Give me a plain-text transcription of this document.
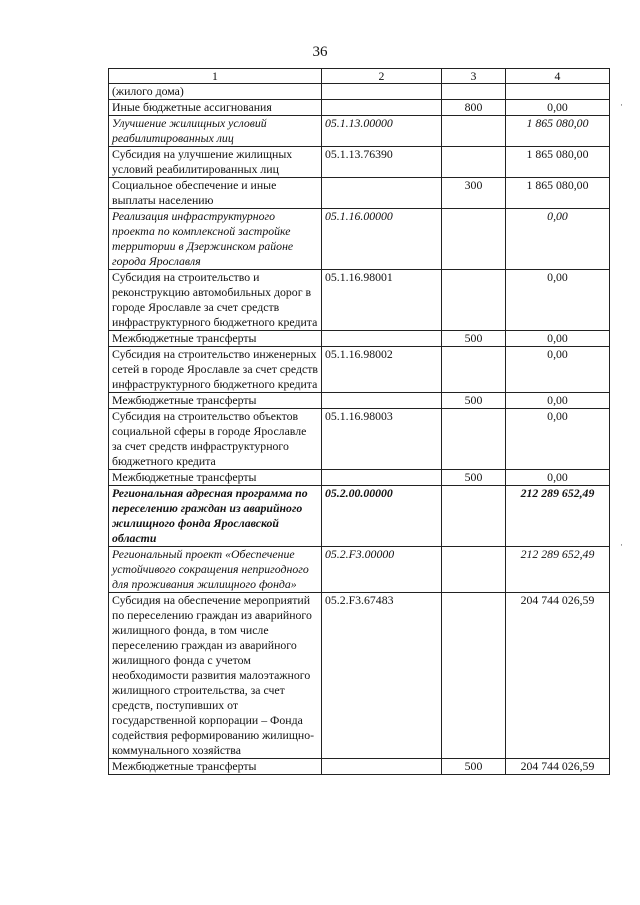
36
1	2	3	4
(жилого дома)			
Иные бюджетные ассигнования		800	0,00
Улучшение жилищных условий реабилитированных лиц	05.1.13.00000		1 865 080,00
Субсидия на улучшение жилищных условий реабилитированных лиц	05.1.13.76390		1 865 080,00
Социальное обеспечение и иные выплаты населению		300	1 865 080,00
Реализация инфраструктурного проекта по комплексной застройке территории в Дзержинском районе города Ярославля	05.1.16.00000		0,00
Субсидия на строительство и реконструкцию автомобильных дорог в городе Ярославле за счет средств инфраструктурного бюджетного кредита	05.1.16.98001		0,00
Межбюджетные трансферты		500	0,00
Субсидия на строительство инженерных сетей в городе Ярославле за счет средств инфраструктурного бюджетного кредита	05.1.16.98002		0,00
Межбюджетные трансферты		500	0,00
Субсидия на строительство объектов социальной сферы в городе Ярославле за счет средств инфраструктурного бюджетного кредита	05.1.16.98003		0,00
Межбюджетные трансферты		500	0,00
Региональная адресная программа по переселению граждан из аварийного жилищного фонда Ярославской области	05.2.00.00000		212 289 652,49
Региональный проект «Обеспечение устойчивого сокращения непригодного для проживания жилищного фонда»	05.2.F3.00000		212 289 652,49
Субсидия на обеспечение мероприятий по переселению граждан из аварийного жилищного фонда, в том числе переселению граждан из аварийного жилищного фонда с учетом необходимости развития малоэтажного жилищного строительства, за счет средств, поступивших от государственной корпорации – Фонда содействия реформированию жилищно-коммунального хозяйства	05.2.F3.67483		204 744 026,59
Межбюджетные трансферты		500	204 744 026,59
·
·
